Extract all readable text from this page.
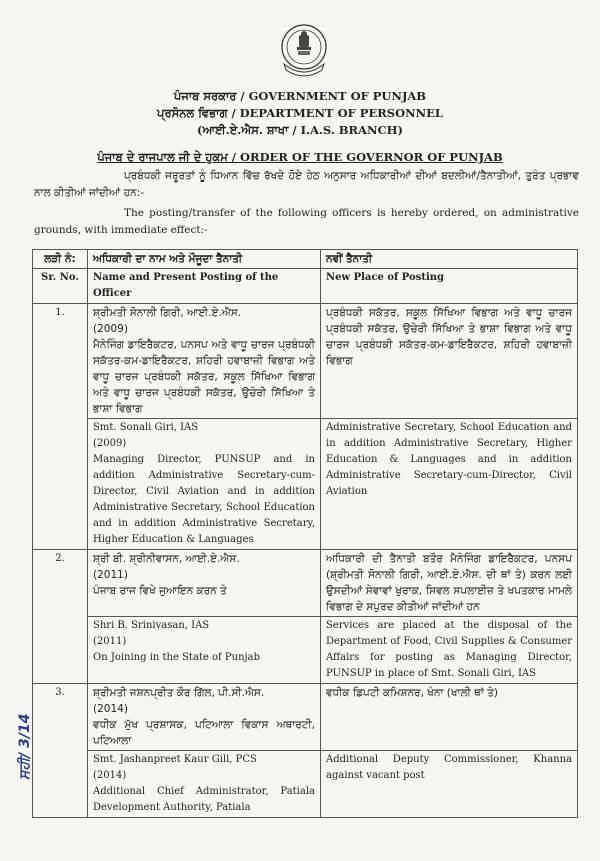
ਪੰਜਾਬ ਸਰਕਾਰ / GOVERNMENT OF PUNJAB
ਪ੍ਰਸੋਨਲ ਵਿਭਾਗ / DEPARTMENT OF PERSONNEL
(ਆਈ.ਏ.ਐਸ. ਸ਼ਾਖਾ / I.A.S. BRANCH)
ਪੰਜਾਬ ਦੇ ਰਾਜਪਾਲ ਜੀ ਦੇ ਹੁਕਮ / ORDER OF THE GOVERNOR OF PUNJAB
ਪ੍ਰਬੰਧਕੀ ਜਰੂਰਤਾਂ ਨੂੰ ਧਿਆਨ ਵਿੱਚ ਰੱਖਦੇ ਹੋਏ ਹੇਠ ਅਨੁਸਾਰ ਅਧਿਕਾਰੀਆਂ ਦੀਆਂ ਬਦਲੀਆਂ/ਤੈਨਾਤੀਆਂ, ਤੁਰੰਤ ਪ੍ਰਭਾਵ ਨਾਲ ਕੀਤੀਆਂ ਜਾਂਦੀਆਂ ਹਨ:-
The posting/transfer of the following officers is hereby ordered, on administrative grounds, with immediate effect:-
ਲੜੀ ਨੰ:	ਅਧਿਕਾਰੀ ਦਾ ਨਾਮ ਅਤੇ ਮੌਜੂਦਾ ਤੈਨਾਤੀ	ਨਵੀਂ ਤੈਨਾਤੀ
Sr. No.	Name and Present Posting of the Officer	New Place of Posting
1.	ਸ਼੍ਰੀਮਤੀ ਸੋਨਾਲੀ ਗਿਰੀ, ਆਈ.ਏ.ਐਸ.
(2009)
ਮੈਨੇਜਿੰਗ ਡਾਇਰੈਕਟਰ, ਪਨਸਪ ਅਤੇ ਵਾਧੂ ਚਾਰਜ ਪ੍ਰਬੰਧਕੀ ਸਕੱਤਰ-ਕਮ-ਡਾਇਰੈਕਟਰ, ਸ਼ਹਿਰੀ ਹਵਾਬਾਜ਼ੀ ਵਿਭਾਗ ਅਤੇ ਵਾਧੂ ਚਾਰਜ ਪ੍ਰਬੰਧਕੀ ਸਕੱਤਰ, ਸਕੂਲ ਸਿੱਖਿਆ ਵਿਭਾਗ ਅਤੇ ਵਾਧੂ ਚਾਰਜ ਪ੍ਰਬੰਧਕੀ ਸਕੱਤਰ, ਉਚੇਰੀ ਸਿੱਖਿਆ ਤੇ ਭਾਸ਼ਾ ਵਿਭਾਗ	ਪ੍ਰਬੰਧਕੀ ਸਕੱਤਰ, ਸਕੂਲ ਸਿੱਖਿਆ ਵਿਭਾਗ ਅਤੇ ਵਾਧੂ ਚਾਰਜ ਪ੍ਰਬੰਧਕੀ ਸਕੱਤਰ, ਉਚੇਰੀ ਸਿੱਖਿਆ ਤੇ ਭਾਸ਼ਾ ਵਿਭਾਗ ਅਤੇ ਵਾਧੂ ਚਾਰਜ ਪ੍ਰਬੰਧਕੀ ਸਕੱਤਰ-ਕਮ-ਡਾਇਰੈਕਟਰ, ਸ਼ਹਿਰੀ ਹਵਾਬਾਜ਼ੀ ਵਿਭਾਗ

	Smt. Sonali Giri, IAS
(2009)
Managing Director, PUNSUP and in addition Administrative Secretary-cum-Director, Civil Aviation and in addition Administrative Secretary, School Education and in addition Administrative Secretary, Higher Education & Languages	Administrative Secretary, School Education and in addition Administrative Secretary, Higher Education & Languages and in addition Administrative Secretary-cum-Director, Civil Aviation
2.	ਸ਼੍ਰੀ ਬੀ. ਸ਼੍ਰੀਨੀਵਾਸਨ, ਆਈ.ਏ.ਐਸ.
(2011)
ਪੰਜਾਬ ਰਾਜ ਵਿਖੇ ਜੁਆਇਨ ਕਰਨ ਤੇ	ਅਧਿਕਾਰੀ ਦੀ ਤੈਨਾਤੀ ਬਤੌਰ ਮੈਨੇਜਿੰਗ ਡਾਇਰੈਕਟਰ, ਪਨਸਪ (ਸ਼੍ਰੀਮਤੀ ਸੋਨਾਲੀ ਗਿਰੀ, ਆਈ.ਏ.ਐਸ. ਦੀ ਥਾਂ ਤੇ) ਕਰਨ ਲਈ ਉਸਦੀਆਂ ਸੇਵਾਵਾਂ ਖੁਰਾਕ, ਸਿਵਲ ਸਪਲਾਈਜ਼ ਤੇ ਖਪਤਕਾਰ ਮਾਮਲੇ ਵਿਭਾਗ ਦੇ ਸਪੁਰਦ ਕੀਤੀਆਂ ਜਾਂਦੀਆਂ ਹਨ

	Shri B. Srinivasan, IAS
(2011)
On Joining in the State of Punjab	Services are placed at the disposal of the Department of Food, Civil Supplies & Consumer Affairs for posting as Managing Director, PUNSUP in place of Smt. Sonali Giri, IAS
3.	ਸ਼੍ਰੀਮਤੀ ਜਸ਼ਨਪ੍ਰੀਤ ਕੌਰ ਗਿੱਲ, ਪੀ.ਸੀ.ਐਸ.
(2014)
ਵਧੀਕ ਮੁੱਖ ਪ੍ਰਸ਼ਾਸਕ, ਪਟਿਆਲਾ ਵਿਕਾਸ ਅਥਾਰਟੀ, ਪਟਿਆਲਾ	ਵਧੀਕ ਡਿਪਟੀ ਕਮਿਸ਼ਨਰ, ਖੰਨਾ (ਖਾਲੀ ਥਾਂ ਤੇ)

	Smt. Jashanpreet Kaur Gill, PCS
(2014)
Additional Chief Administrator, Patiala Development Authority, Patiala	Additional Deputy Commissioner, Khanna against vacant post
ਸਹੀ/ 3/14
